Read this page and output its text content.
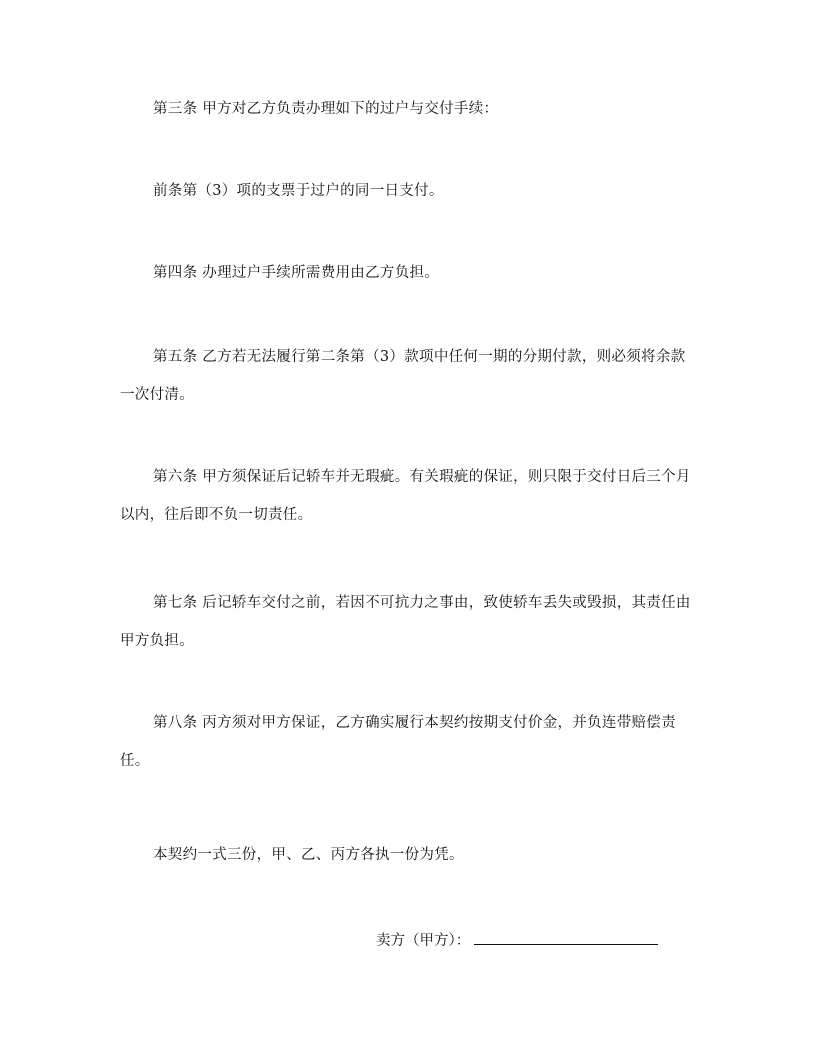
第三条 甲方对乙方负责办理如下的过户与交付手续：

前条第（3）项的支票于过户的同一日支付。

第四条 办理过户手续所需费用由乙方负担。

第五条 乙方若无法履行第二条第（3）款项中任何一期的分期付款，则必须将余款一次付清。

第六条 甲方须保证后记轿车并无瑕疵。有关瑕疵的保证，则只限于交付日后三个月以内，往后即不负一切责任。

第七条 后记轿车交付之前，若因不可抗力之事由，致使轿车丢失或毁损，其责任由甲方负担。

第八条 丙方须对甲方保证，乙方确实履行本契约按期支付价金，并负连带赔偿责任。

本契约一式三份，甲、乙、丙方各执一份为凭。

卖方（甲方）：
